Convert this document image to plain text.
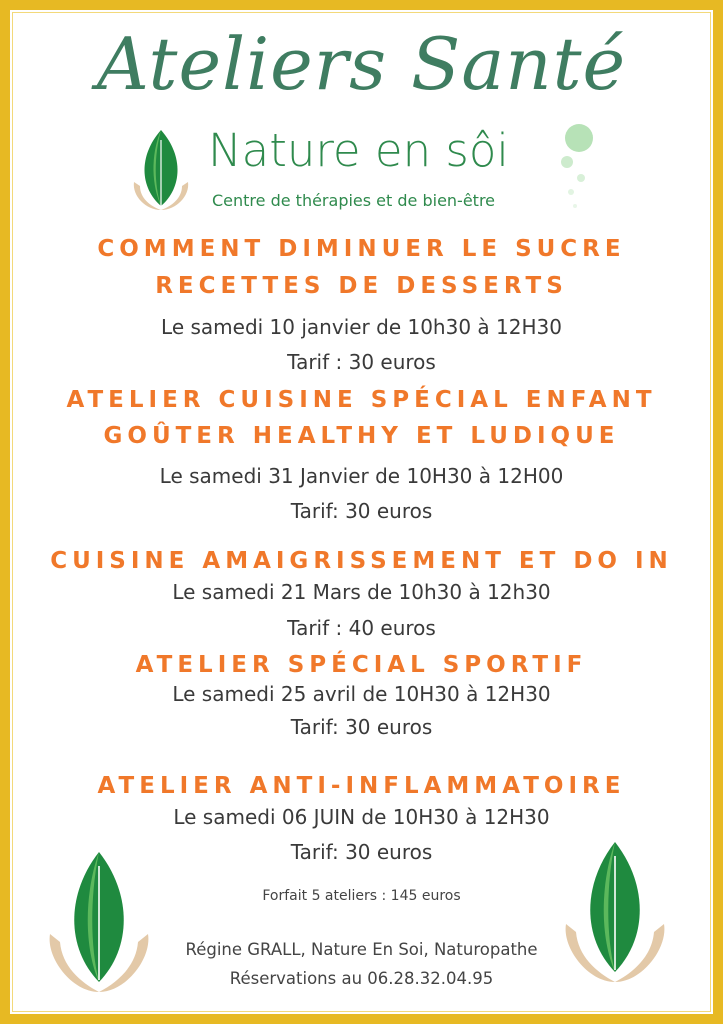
Ateliers Santé
Nature en sôi
Centre de thérapies et de bien-être
COMMENT DIMINUER LE SUCRE
RECETTES DE DESSERTS
Le samedi 10 janvier de 10h30 à 12H30
Tarif : 30 euros
ATELIER CUISINE SPÉCIAL ENFANT
GOÛTER HEALTHY ET LUDIQUE
Le samedi 31 Janvier de 10H30 à 12H00
Tarif: 30 euros
CUISINE AMAIGRISSEMENT ET DO IN
Le samedi 21 Mars de 10h30 à 12h30
Tarif : 40 euros
ATELIER SPÉCIAL SPORTIF
Le samedi 25 avril de 10H30 à 12H30
Tarif: 30 euros
ATELIER ANTI-INFLAMMATOIRE
Le samedi 06 JUIN de 10H30 à 12H30
Tarif: 30 euros
Forfait 5 ateliers : 145 euros
Régine GRALL, Nature En Soi, Naturopathe
Réservations au 06.28.32.04.95
